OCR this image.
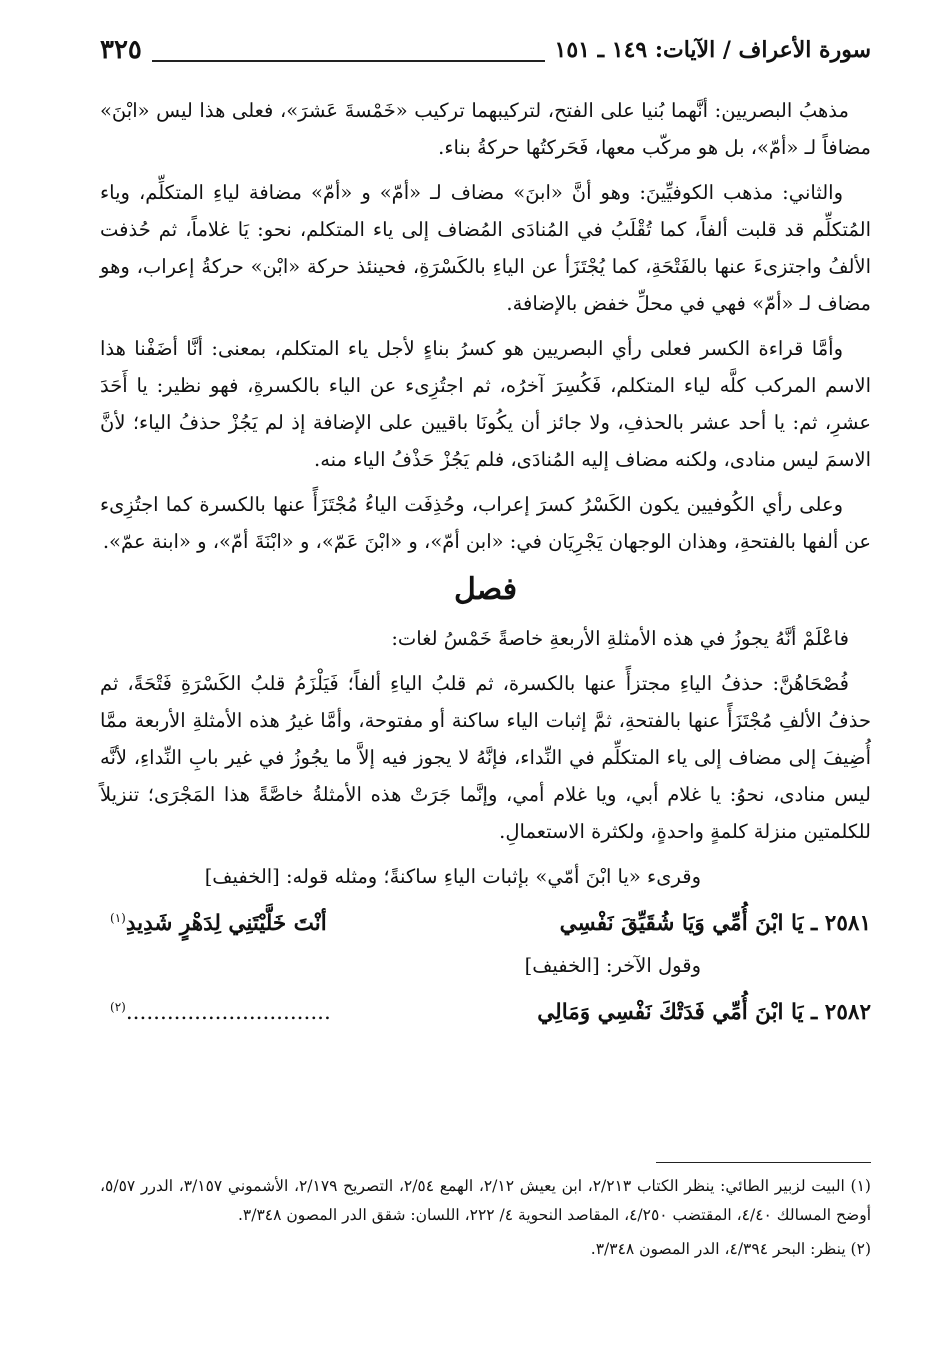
سورة الأعراف / الآيات: ١٤٩ ـ ١٥١
٣٢٥

مذهبُ البصريين: أنَّهما بُنيا على الفتح، لتركيبهما تركيب «خَمْسةَ عَشرَ»، فعلى هذا ليس «ابْنَ» مضافاً لـ «أمّ»، بل هو مركّب معها، فَحَركتُها حركةُ بناء.

والثاني: مذهب الكوفيِّينَ: وهو أنَّ «ابنَ» مضاف لـ «أمّ» و «أمّ» مضافة لياءِ المتكلِّم، وياء المُتكلِّم قد قلبت ألفاً، كما تُقْلَبُ في المُنادَى المُضاف إلى ياء المتكلم، نحو: يَا غلاماً، ثم حُذفت الألفُ واجتزىءَ عنها بالفَتْحَةِ، كما يُجْتَزَأ عن الياءِ بالكَسْرَةِ، فحينئذ حركة «ابْن» حركةُ إعراب، وهو مضاف لـ «أمّ» فهي في محلِّ خفض بالإضافة.

وأمَّا قراءة الكسر فعلى رأي البصريين هو كسرُ بناءٍ لأجل ياء المتكلم، بمعنى: أنَّا أضَفْنا هذا الاسم المركب كلَّه لياء المتكلم، فَكُسِرَ آخرُه، ثم اجتُزِىء عن الياء بالكسرةِ، فهو نظير: يا أَحَدَ عشرِ، ثم: يا أحد عشر بالحذفِ، ولا جائز أن يكُونَا باقيين على الإضافة إذ لم يَجُزْ حذفُ الياء؛ لأنَّ الاسمَ ليس منادى، ولكنه مضاف إليه المُنادَى، فلم يَجُزْ حَذْفُ الياء منه.

وعلى رأي الكُوفيين يكون الكَسْرُ كسرَ إعراب، وحُذِفَت الياءُ مُجْتَزَأً عنها بالكسرة كما اجتُزِىء عن ألفها بالفتحةِ، وهذان الوجهان يَجْرِيَان في: «ابن أمّ»، و «ابْنَ عَمّ»، و «ابْنَةَ أمّ»، و «ابنة عمّ».

فصل

فاعْلَمْ أنَّهُ يجوزُ في هذه الأمثلةِ الأربعةِ خاصةً خَمْسُ لغات:

فُصْحَاهُنَّ: حذفُ الياءِ مجتزأً عنها بالكسرة، ثم قلبُ الياءِ ألفاً؛ فَيَلْزَمُ قلبُ الكَسْرَةِ فَتْحَةً، ثم حذفُ الألفِ مُجْتَزَأً عنها بالفتحةِ، ثمَّ إثبات الياء ساكنة أو مفتوحة، وأمَّا غيرُ هذه الأمثلةِ الأربعة ممَّا أُضِيفَ إلى مضاف إلى ياء المتكلِّم في النِّداء، فإنَّهُ لا يجوز فيه إلاَّ ما يجُوزُ في غير بابِ النِّداءِ، لأنَّه ليس منادى، نحوُ: يا غلام أبي، ويا غلام أمي، وإنَّما جَرَتْ هذه الأمثلةُ خاصَّةً هذا المَجْرَى؛ تنزيلاً للكلمتين منزلة كلمةٍ واحدةٍ، ولكثرة الاستعمالِ.

وقرىء «يا ابْنَ أمّي» بإثبات الياءِ ساكنةً؛ ومثله قوله: [الخفيف]

٢٥٨١ ـ يَا ابْنَ أُمِّي وَيَا شُقَيِّقَ نَفْسِي
أنْتَ خَلَّيْتَنِي لِدَهْرٍ شَدِيدِ$^{(١)}$

وقول الآخر: [الخفيف]

٢٥٨٢ ـ يَا ابْنَ أُمِّي فَدَتْكَ نَفْسِي وَمَالِي
..............................$^{(٢)}$

(١) البيت لزبير الطائي: ينظر الكتاب ٢/٢١٣، ابن يعيش ٢/١٢، الهمع ٢/٥٤، التصريح ٢/١٧٩، الأشموني ٣/١٥٧، الدرر ٥/٥٧، أوضح المسالك ٤/٤٠، المقتضب ٤/٢٥٠، المقاصد النحوية ٤/ ٢٢٢، اللسان: شقق الدر المصون ٣/٣٤٨.

(٢) ينظر: البحر ٤/٣٩٤، الدر المصون ٣/٣٤٨.
